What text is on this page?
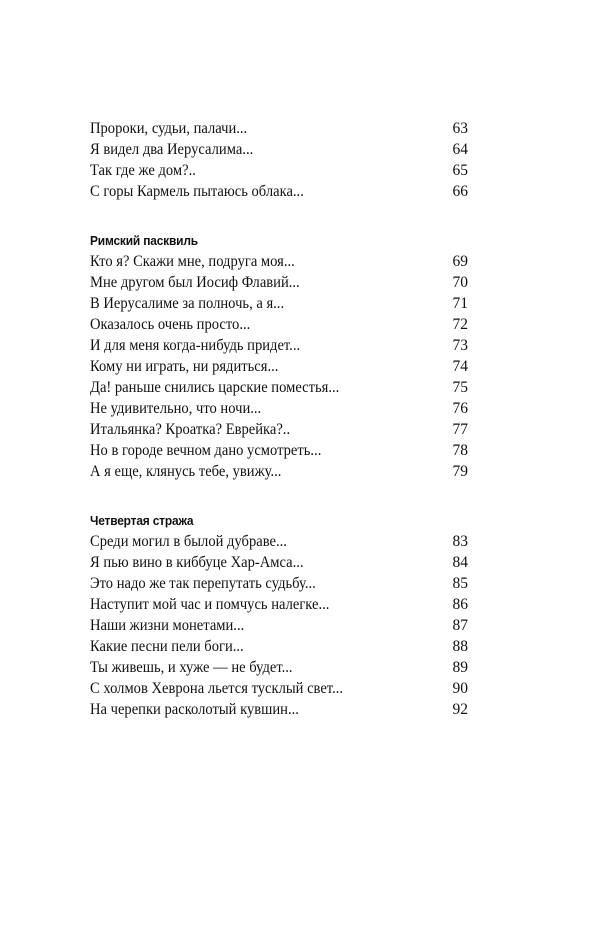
Пророки, судьи, палачи...	63
Я видел два Иерусалима...	64
Так где же дом?..	65
С горы Кармель пытаюсь облака...	66
Римский пасквиль
Кто я? Скажи мне, подруга моя...	69
Мне другом был Иосиф Флавий...	70
В Иерусалиме за полночь, а я...	71
Оказалось очень просто...	72
И для меня когда-нибудь придет...	73
Кому ни играть, ни рядиться...	74
Да! раньше снились царские поместья...	75
Не удивительно, что ночи...	76
Итальянка? Кроатка? Еврейка?..	77
Но в городе вечном дано усмотреть...	78
А я еще, клянусь тебе, увижу...	79
Четвертая стража
Среди могил в былой дубраве...	83
Я пью вино в киббуце Хар-Амса...	84
Это надо же так перепутать судьбу...	85
Наступит мой час и помчусь налегке...	86
Наши жизни монетами...	87
Какие песни пели боги...	88
Ты живешь, и хуже — не будет...	89
С холмов Хеврона льется тусклый свет...	90
На черепки расколотый кувшин...	92
